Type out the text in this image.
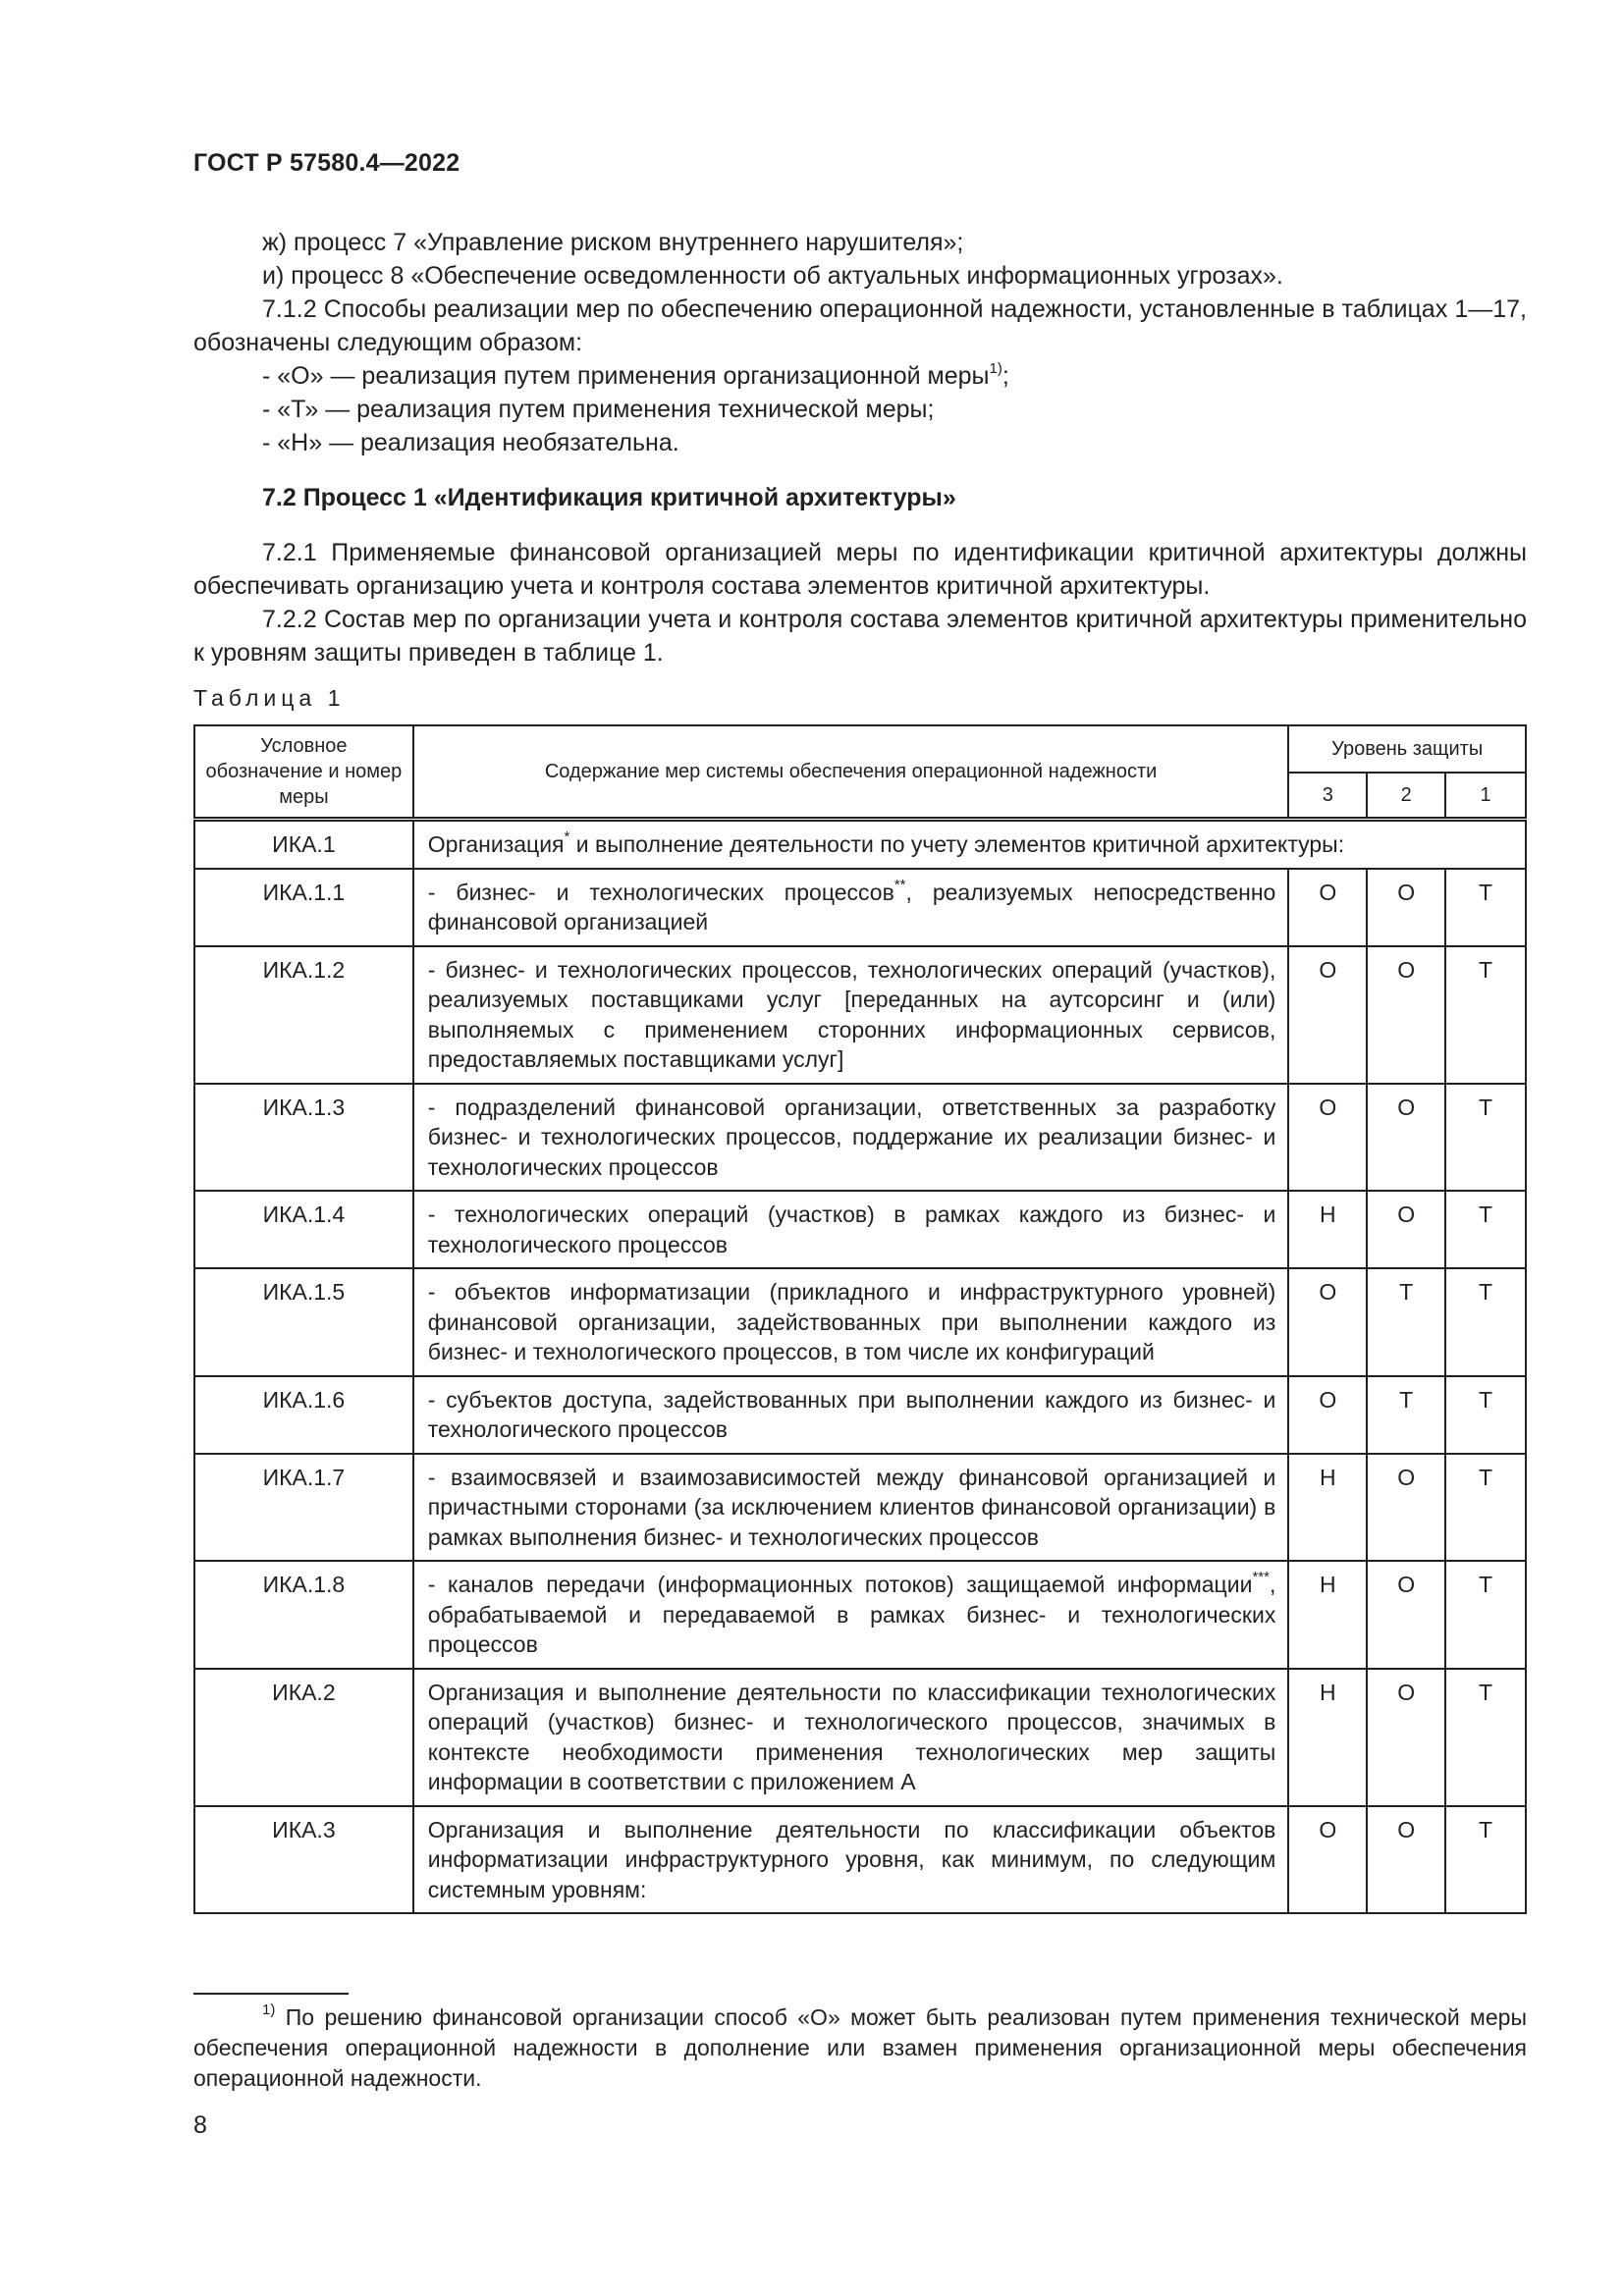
ГОСТ Р 57580.4—2022

ж) процесс 7 «Управление риском внутреннего нарушителя»;

и) процесс 8 «Обеспечение осведомленности об актуальных информационных угрозах».

7.1.2 Способы реализации мер по обеспечению операционной надежности, установленные в таблицах 1—17, обозначены следующим образом:

- «О» — реализация путем применения организационной меры$^{1)}$;

- «Т» — реализация путем применения технической меры;

- «Н» — реализация необязательна.

7.2 Процесс 1 «Идентификация критичной архитектуры»

7.2.1 Применяемые финансовой организацией меры по идентификации критичной архитектуры должны обеспечивать организацию учета и контроля состава элементов критичной архитектуры.

7.2.2 Состав мер по организации учета и контроля состава элементов критичной архитектуры применительно к уровням защиты приведен в таблице 1.

Таблица 1
Условное обозначение и номер меры	Содержание мер системы обеспечения операционной надежности	Уровень защиты		
		3	2	1
ИКА.1	Организация* и выполнение деятельности по учету элементов критичной архитектуры:			
ИКА.1.1	- бизнес- и технологических процессов**, реализуемых непосредственно финансовой организацией	О	О	Т
ИКА.1.2	- бизнес- и технологических процессов, технологических операций (участков), реализуемых поставщиками услуг [переданных на аутсорсинг и (или) выполняемых с применением сторонних информационных сервисов, предоставляемых поставщиками услуг]	О	О	Т
ИКА.1.3	- подразделений финансовой организации, ответственных за разработку бизнес- и технологических процессов, поддержание их реализации бизнес- и технологических процессов	О	О	Т
ИКА.1.4	- технологических операций (участков) в рамках каждого из бизнес- и технологического процессов	Н	О	Т
ИКА.1.5	- объектов информатизации (прикладного и инфраструктурного уровней) финансовой организации, задействованных при выполнении каждого из бизнес- и технологического процессов, в том числе их конфигураций	О	Т	Т
ИКА.1.6	- субъектов доступа, задействованных при выполнении каждого из бизнес- и технологического процессов	О	Т	Т
ИКА.1.7	- взаимосвязей и взаимозависимостей между финансовой организацией и причастными сторонами (за исключением клиентов финансовой организации) в рамках выполнения бизнес- и технологических процессов	Н	О	Т
ИКА.1.8	- каналов передачи (информационных потоков) защищаемой информации***, обрабатываемой и передаваемой в рамках бизнес- и технологических процессов	Н	О	Т
ИКА.2	Организация и выполнение деятельности по классификации технологических операций (участков) бизнес- и технологического процессов, значимых в контексте необходимости применения технологических мер защиты информации в соответствии с приложением А	Н	О	Т
ИКА.3	Организация и выполнение деятельности по классификации объектов информатизации инфраструктурного уровня, как минимум, по следующим системным уровням:	О	О	Т
$^{1)}$ По решению финансовой организации способ «О» может быть реализован путем применения технической меры обеспечения операционной надежности в дополнение или взамен применения организационной меры обеспечения операционной надежности.
8
